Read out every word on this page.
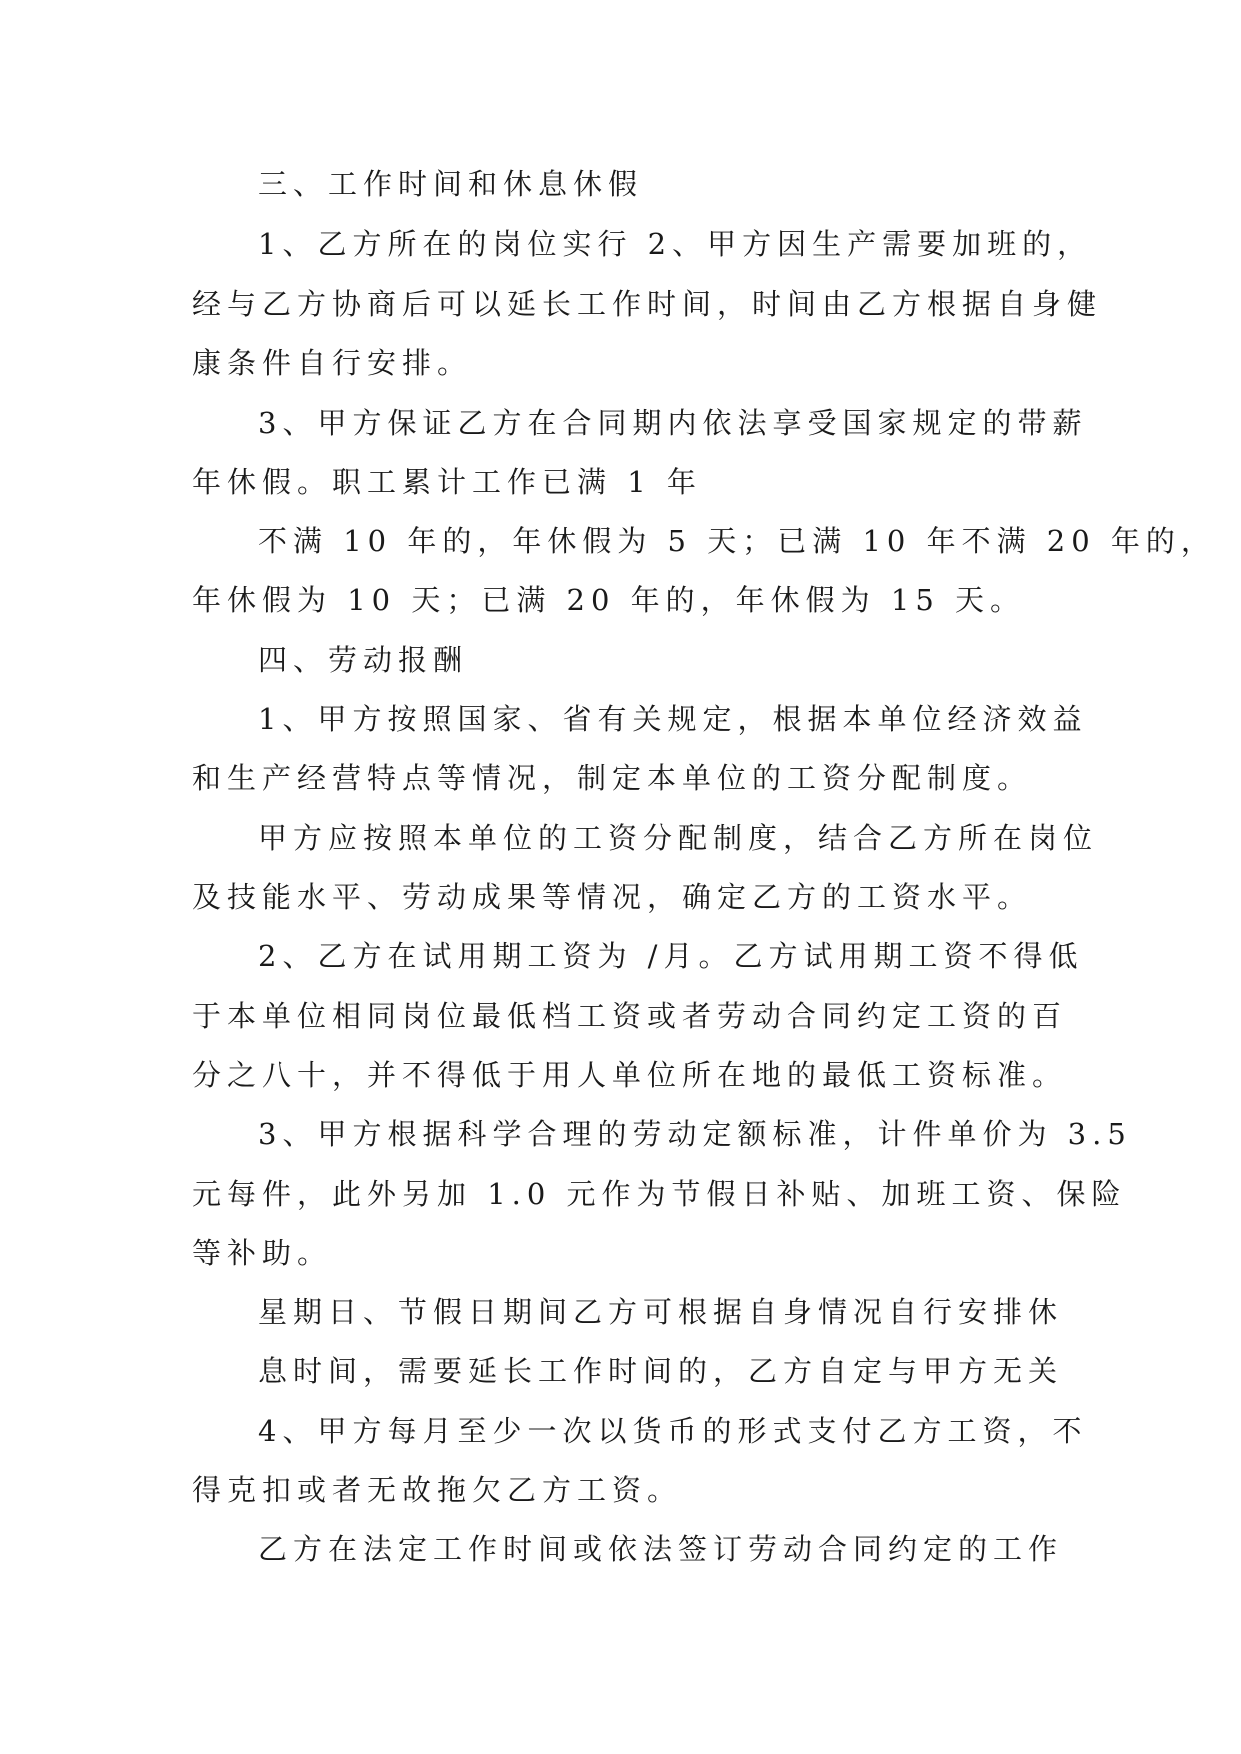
三、工作时间和休息休假
1、乙方所在的岗位实行 2、甲方因生产需要加班的，
经与乙方协商后可以延长工作时间，时间由乙方根据自身健
康条件自行安排。
3、甲方保证乙方在合同期内依法享受国家规定的带薪
年休假。职工累计工作已满 1 年
不满 10 年的，年休假为 5 天；已满 10 年不满 20 年的，
年休假为 10 天；已满 20 年的，年休假为 15 天。
四、劳动报酬
1、甲方按照国家、省有关规定，根据本单位经济效益
和生产经营特点等情况，制定本单位的工资分配制度。
甲方应按照本单位的工资分配制度，结合乙方所在岗位
及技能水平、劳动成果等情况，确定乙方的工资水平。
2、乙方在试用期工资为 /月。乙方试用期工资不得低
于本单位相同岗位最低档工资或者劳动合同约定工资的百
分之八十，并不得低于用人单位所在地的最低工资标准。
3、甲方根据科学合理的劳动定额标准，计件单价为 3.5
元每件，此外另加 1.0 元作为节假日补贴、加班工资、保险
等补助。
星期日、节假日期间乙方可根据自身情况自行安排休
息时间，需要延长工作时间的，乙方自定与甲方无关
4、甲方每月至少一次以货币的形式支付乙方工资，不
得克扣或者无故拖欠乙方工资。
乙方在法定工作时间或依法签订劳动合同约定的工作
